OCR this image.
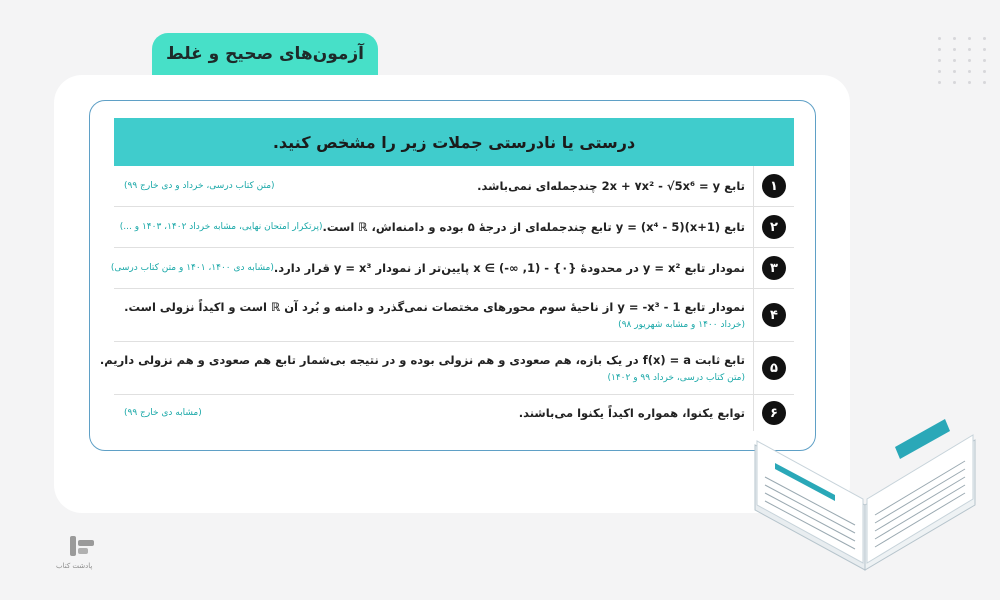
آزمون‌های صحیح و غلط
درستی یا نادرستی جملات زیر را مشخص کنید.
۱
تابع 2x + ۷x² - √5x⁶ = y چندجمله‌ای نمی‌باشد.
(متن کتاب درسی، خرداد و دی خارج ۹۹)
۲
تابع (x+1)(x⁴ - 5) = y تابع چندجمله‌ای از درجهٔ ۵ بوده و دامنه‌اش، ℝ است.
(پرتکرار امتحان نهایی، مشابه خرداد ۱۴۰۲، ۱۴۰۳ و ...)
۳
نمودار تابع y = x² در محدودهٔ {۰} - (1, ∞-) ∋ x پایین‌تر از نمودار y = x³ قرار دارد.
(مشابه دی ۱۴۰۰، ۱۴۰۱ و متن کتاب درسی)
۴
نمودار تابع y = -x³ - 1 از ناحیهٔ سوم محورهای مختصات نمی‌گذرد و دامنه و بُرد آن ℝ است و اکیداً نزولی است.
(خرداد ۱۴۰۰ و مشابه شهریور ۹۸)
۵
تابع ثابت f(x) = a در یک بازه، هم صعودی و هم نزولی بوده و در نتیجه بی‌شمار تابع هم صعودی و هم نزولی داریم.
(متن کتاب درسی، خرداد ۹۹ و ۱۴۰۲)
۶
توابع یکنوا، همواره اکیداً یکنوا می‌باشند.
(مشابه دی خارج ۹۹)
پادشت کتاب
